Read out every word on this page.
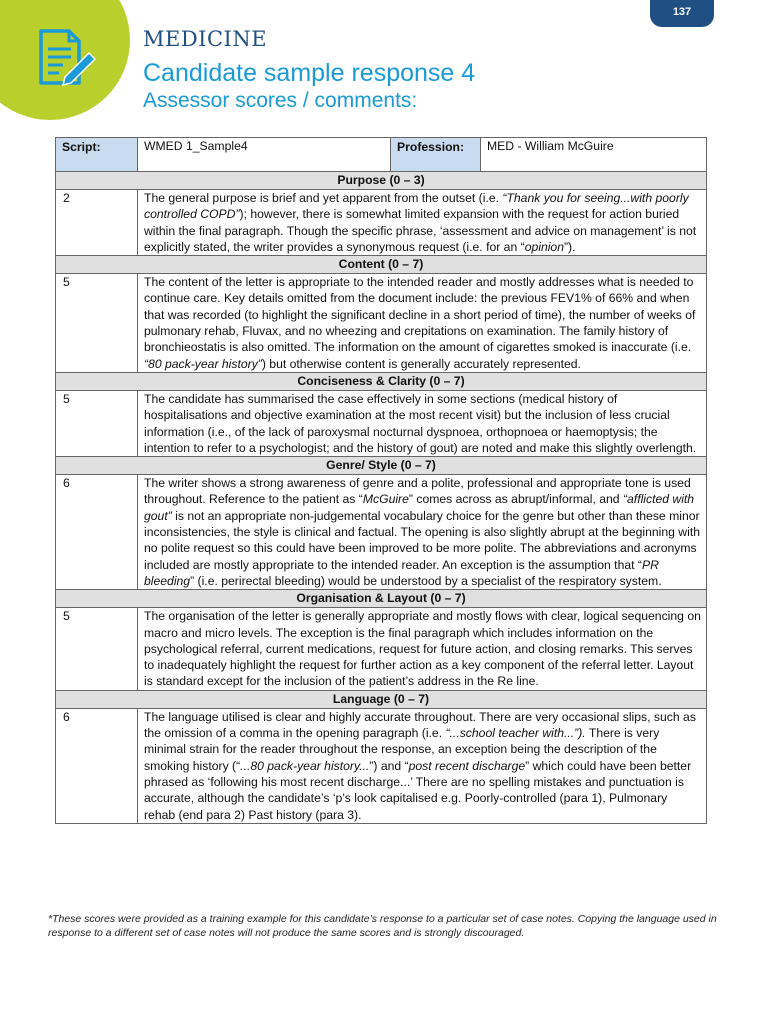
137
MEDICINE
Candidate sample response 4
Assessor scores / comments:
Script:	WMED 1_Sample4	Profession:	MED - William McGuire
Purpose (0 – 3)			
2	The general purpose is brief and yet apparent from the outset (i.e. “Thank you for seeing...with poorly controlled COPD”); however, there is somewhat limited expansion with the request for action buried within the final paragraph. Though the specific phrase, ‘assessment and advice on management’ is not explicitly stated, the writer provides a synonymous request (i.e. for an “opinion”).		
Content (0 – 7)			
5	The content of the letter is appropriate to the intended reader and mostly addresses what is needed to continue care. Key details omitted from the document include: the previous FEV1% of 66% and when that was recorded (to highlight the significant decline in a short period of time), the number of weeks of pulmonary rehab, Fluvax, and no wheezing and crepitations on examination. The family history of bronchieostatis is also omitted. The information on the amount of cigarettes smoked is inaccurate (i.e. “80 pack-year history”) but otherwise content is generally accurately represented.		
Conciseness & Clarity (0 – 7)			
5	The candidate has summarised the case effectively in some sections (medical history of hospitalisations and objective examination at the most recent visit) but the inclusion of less crucial information (i.e., of the lack of paroxysmal nocturnal dyspnoea, orthopnoea or haemoptysis; the intention to refer to a psychologist; and the history of gout) are noted and make this slightly overlength.		
Genre/ Style (0 – 7)			
6	The writer shows a strong awareness of genre and a polite, professional and appropriate tone is used throughout. Reference to the patient as “McGuire” comes across as abrupt/informal, and “afflicted with gout” is not an appropriate non-judgemental vocabulary choice for the genre but other than these minor inconsistencies, the style is clinical and factual. The opening is also slightly abrupt at the beginning with no polite request so this could have been improved to be more polite. The abbreviations and acronyms included are mostly appropriate to the intended reader. An exception is the assumption that “PR bleeding” (i.e. perirectal bleeding) would be understood by a specialist of the respiratory system.		
Organisation & Layout (0 – 7)			
5	The organisation of the letter is generally appropriate and mostly flows with clear, logical sequencing on macro and micro levels. The exception is the final paragraph which includes information on the psychological referral, current medications, request for future action, and closing remarks. This serves to inadequately highlight the request for further action as a key component of the referral letter. Layout is standard except for the inclusion of the patient’s address in the Re line.		
Language (0 – 7)			
6	The language utilised is clear and highly accurate throughout. There are very occasional slips, such as the omission of a comma in the opening paragraph (i.e. “...school teacher with...”). There is very minimal strain for the reader throughout the response, an exception being the description of the smoking history (“...80 pack-year history...”) and “post recent discharge” which could have been better phrased as ‘following his most recent discharge...’ There are no spelling mistakes and punctuation is accurate, although the candidate’s ‘p’s look capitalised e.g. Poorly-controlled (para 1), Pulmonary rehab (end para 2) Past history (para 3).		
*These scores were provided as a training example for this candidate’s response to a particular set of case notes. Copying the language used in response to a different set of case notes will not produce the same scores and is strongly discouraged.
